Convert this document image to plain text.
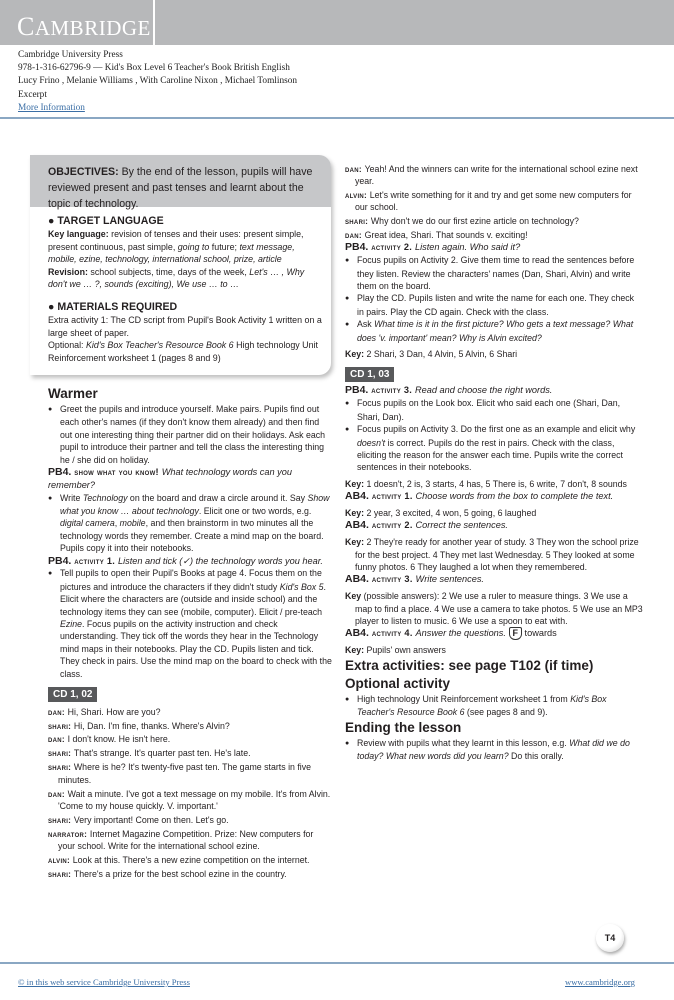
CAMBRIDGE
Cambridge University Press
978-1-316-62796-9 — Kid's Box Level 6 Teacher's Book British English
Lucy Frino , Melanie Williams , With Caroline Nixon , Michael Tomlinson
Excerpt
More Information
OBJECTIVES: By the end of the lesson, pupils will have reviewed present and past tenses and learnt about the topic of technology.
● TARGET LANGUAGE

Key language: revision of tenses and their uses: present simple, present continuous, past simple, going to future; text message, mobile, ezine, technology, international school, prize, article

Revision: school subjects, time, days of the week, Let's … , Why don't we … ?, sounds (exciting), We use … to …

● MATERIALS REQUIRED

Extra activity 1: The CD script from Pupil's Book Activity 1 written on a large sheet of paper.

Optional: Kid's Box Teacher's Resource Book 6 High technology Unit Reinforcement worksheet 1 (pages 8 and 9)

Warmer

● Greet the pupils and introduce yourself. Make pairs. Pupils find out each other's names (if they don't know them already) and then find out one interesting thing their partner did on their holidays. Ask each pupil to introduce their partner and tell the class the interesting thing he / she did on holiday.

PB4. show what you know! What technology words can you remember?

● Write Technology on the board and draw a circle around it. Say Show what you know … about technology. Elicit one or two words, e.g. digital camera, mobile, and then brainstorm in two minutes all the technology words they remember. Create a mind map on the board. Pupils copy it into their notebooks.

PB4. activity 1. Listen and tick (✓) the technology words you hear.

● Tell pupils to open their Pupil's Books at page 4. Focus them on the pictures and introduce the characters if they didn't study Kid's Box 5. Elicit where the characters are (outside and inside school) and the technology items they can see (mobile, computer). Elicit / pre-teach Ezine. Focus pupils on the activity instruction and check understanding. They tick off the words they hear in the Technology mind maps in their notebooks. Play the CD. Pupils listen and tick. They check in pairs. Use the mind map on the board to check with the class.

CD 1, 02

dan: Hi, Shari. How are you?

shari: Hi, Dan. I'm fine, thanks. Where's Alvin?

dan: I don't know. He isn't here.

shari: That's strange. It's quarter past ten. He's late.

shari: Where is he? It's twenty-five past ten. The game starts in five minutes.

dan: Wait a minute. I've got a text message on my mobile. It's from Alvin. 'Come to my house quickly. V. important.'

shari: Very important! Come on then. Let's go.

narrator: Internet Magazine Competition. Prize: New computers for your school. Write for the international school ezine.

alvin: Look at this. There's a new ezine competition on the internet.

shari: There's a prize for the best school ezine in the country.

dan: Yeah! And the winners can write for the international school ezine next year.

alvin: Let's write something for it and try and get some new computers for our school.

shari: Why don't we do our first ezine article on technology?

dan: Great idea, Shari. That sounds v. exciting!

PB4. activity 2. Listen again. Who said it?

● Focus pupils on Activity 2. Give them time to read the sentences before they listen. Review the characters' names (Dan, Shari, Alvin) and write them on the board.

● Play the CD. Pupils listen and write the name for each one. They check in pairs. Play the CD again. Check with the class.

● Ask What time is it in the first picture? Who gets a text message? What does 'v. important' mean? Why is Alvin excited?

Key: 2 Shari, 3 Dan, 4 Alvin, 5 Alvin, 6 Shari

CD 1, 03

PB4. activity 3. Read and choose the right words.

● Focus pupils on the Look box. Elicit who said each one (Shari, Dan, Shari, Dan).

● Focus pupils on Activity 3. Do the first one as an example and elicit why doesn't is correct. Pupils do the rest in pairs. Check with the class, eliciting the reason for the answer each time. Pupils write the correct sentences in their notebooks.

Key: 1 doesn't, 2 is, 3 starts, 4 has, 5 There is, 6 write, 7 don't, 8 sounds

AB4. activity 1. Choose words from the box to complete the text.

Key: 2 year, 3 excited, 4 won, 5 going, 6 laughed

AB4. activity 2. Correct the sentences.

Key: 2 They're ready for another year of study. 3 They won the school prize for the best project. 4 They met last Wednesday. 5 They looked at some funny photos. 6 They laughed a lot when they remembered.

AB4. activity 3. Write sentences.

Key (possible answers): 2 We use a ruler to measure things. 3 We use a map to find a place. 4 We use a camera to take photos. 5 We use an MP3 player to listen to music. 6 We use a spoon to eat with.

AB4. activity 4. Answer the questions. F towards

Key: Pupils' own answers

Extra activities: see page T102 (if time)

Optional activity

● High technology Unit Reinforcement worksheet 1 from Kid's Box Teacher's Resource Book 6 (see pages 8 and 9).

Ending the lesson

● Review with pupils what they learnt in this lesson, e.g. What did we do today? What new words did you learn? Do this orally.

T4
© in this web service Cambridge University Press	www.cambridge.org
